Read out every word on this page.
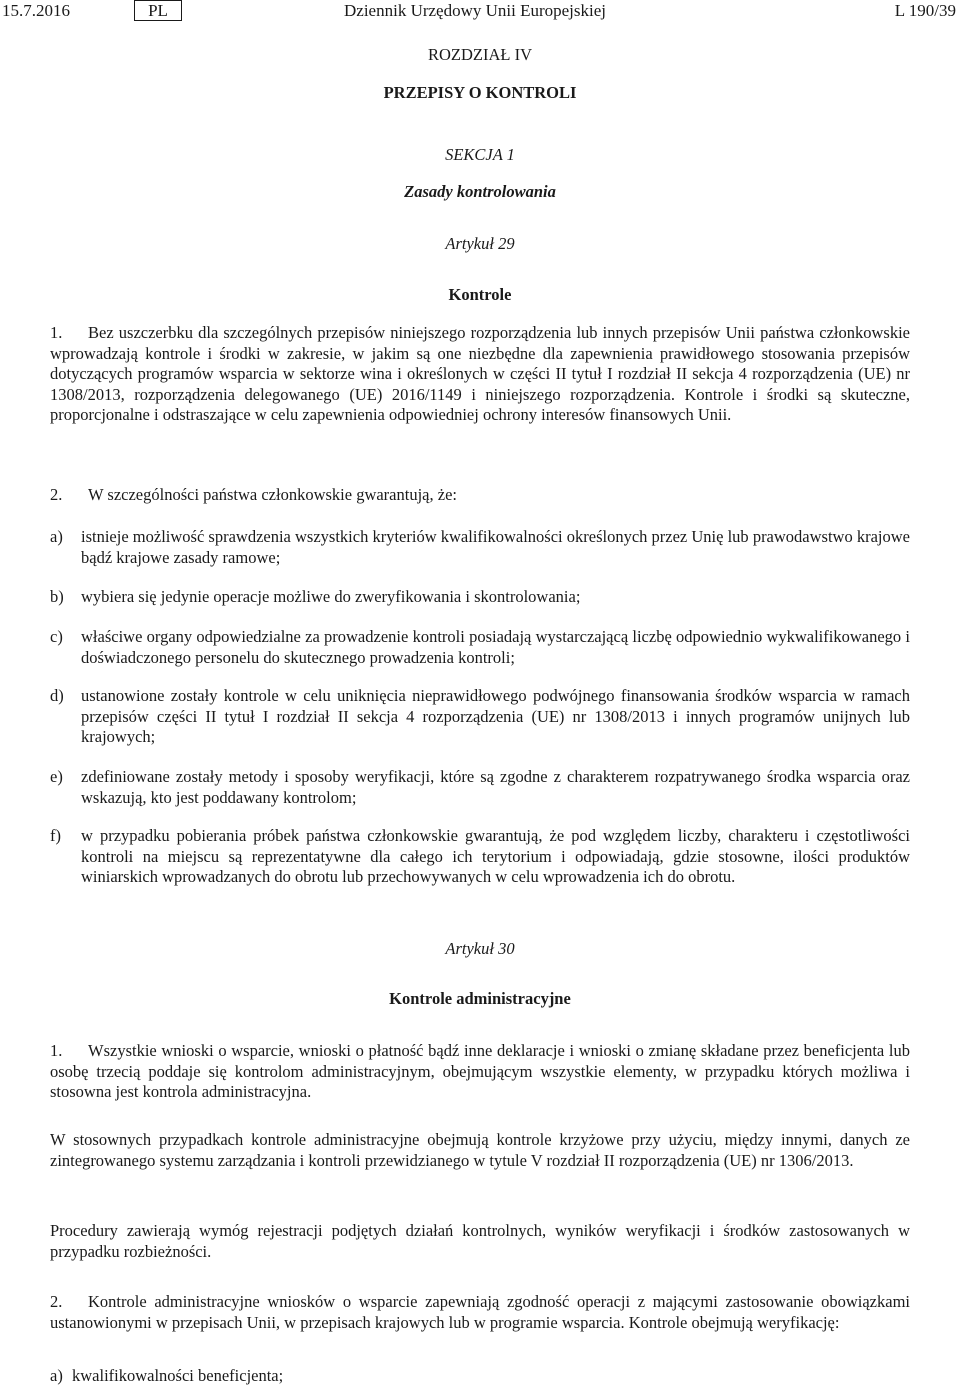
15.7.2016	PL	Dziennik Urzędowy Unii Europejskiej	L 190/39
ROZDZIAŁ IV
PRZEPISY O KONTROLI
SEKCJA 1
Zasady kontrolowania
Artykuł 29
Kontrole
1. Bez uszczerbku dla szczególnych przepisów niniejszego rozporządzenia lub innych przepisów Unii państwa członkowskie wprowadzają kontrole i środki w zakresie, w jakim są one niezbędne dla zapewnienia prawidłowego stosowania przepisów dotyczących programów wsparcia w sektorze wina i określonych w części II tytuł I rozdział II sekcja 4 rozporządzenia (UE) nr 1308/2013, rozporządzenia delegowanego (UE) 2016/1149 i niniejszego rozporządzenia. Kontrole i środki są skuteczne, proporcjonalne i odstraszające w celu zapewnienia odpowiedniej ochrony interesów finansowych Unii.
2. W szczególności państwa członkowskie gwarantują, że:
a) istnieje możliwość sprawdzenia wszystkich kryteriów kwalifikowalności określonych przez Unię lub prawodawstwo krajowe bądź krajowe zasady ramowe;
b) wybiera się jedynie operacje możliwe do zweryfikowania i skontrolowania;
c) właściwe organy odpowiedzialne za prowadzenie kontroli posiadają wystarczającą liczbę odpowiednio wykwalifikowanego i doświadczonego personelu do skutecznego prowadzenia kontroli;
d) ustanowione zostały kontrole w celu uniknięcia nieprawidłowego podwójnego finansowania środków wsparcia w ramach przepisów części II tytuł I rozdział II sekcja 4 rozporządzenia (UE) nr 1308/2013 i innych programów unijnych lub krajowych;
e) zdefiniowane zostały metody i sposoby weryfikacji, które są zgodne z charakterem rozpatrywanego środka wsparcia oraz wskazują, kto jest poddawany kontrolom;
f) w przypadku pobierania próbek państwa członkowskie gwarantują, że pod względem liczby, charakteru i częstotliwości kontroli na miejscu są reprezentatywne dla całego ich terytorium i odpowiadają, gdzie stosowne, ilości produktów winiarskich wprowadzanych do obrotu lub przechowywanych w celu wprowadzenia ich do obrotu.
Artykuł 30
Kontrole administracyjne
1. Wszystkie wnioski o wsparcie, wnioski o płatność bądź inne deklaracje i wnioski o zmianę składane przez beneficjenta lub osobę trzecią poddaje się kontrolom administracyjnym, obejmującym wszystkie elementy, w przypadku których możliwa i stosowna jest kontrola administracyjna.
W stosownych przypadkach kontrole administracyjne obejmują kontrole krzyżowe przy użyciu, między innymi, danych ze zintegrowanego systemu zarządzania i kontroli przewidzianego w tytule V rozdział II rozporządzenia (UE) nr 1306/2013.
Procedury zawierają wymóg rejestracji podjętych działań kontrolnych, wyników weryfikacji i środków zastosowanych w przypadku rozbieżności.
2. Kontrole administracyjne wniosków o wsparcie zapewniają zgodność operacji z mającymi zastosowanie obowiązkami ustanowionymi w przepisach Unii, w przepisach krajowych lub w programie wsparcia. Kontrole obejmują weryfikację:
a) kwalifikowalności beneficjenta;
